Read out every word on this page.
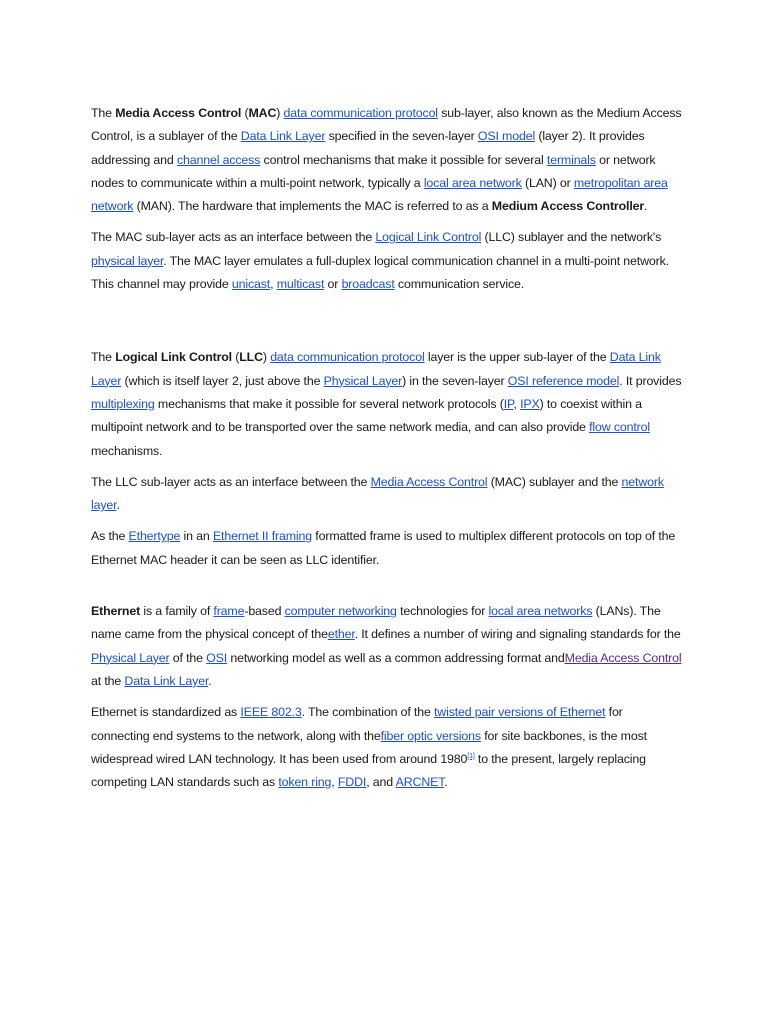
The Media Access Control (MAC) data communication protocol sub-layer, also known as the Medium Access Control, is a sublayer of the Data Link Layer specified in the seven-layer OSI model (layer 2). It provides addressing and channel access control mechanisms that make it possible for several terminals or network nodes to communicate within a multi-point network, typically a local area network (LAN) or metropolitan area network (MAN). The hardware that implements the MAC is referred to as a Medium Access Controller.

The MAC sub-layer acts as an interface between the Logical Link Control (LLC) sublayer and the network's physical layer. The MAC layer emulates a full-duplex logical communication channel in a multi-point network. This channel may provide unicast, multicast or broadcast communication service.

The Logical Link Control (LLC) data communication protocol layer is the upper sub-layer of the Data Link Layer (which is itself layer 2, just above the Physical Layer) in the seven-layer OSI reference model. It provides multiplexing mechanisms that make it possible for several network protocols (IP, IPX) to coexist within a multipoint network and to be transported over the same network media, and can also provide flow control mechanisms.

The LLC sub-layer acts as an interface between the Media Access Control (MAC) sublayer and the network layer.

As the Ethertype in an Ethernet II framing formatted frame is used to multiplex different protocols on top of the Ethernet MAC header it can be seen as LLC identifier.

Ethernet is a family of frame-based computer networking technologies for local area networks (LANs). The name came from the physical concept of theether. It defines a number of wiring and signaling standards for the Physical Layer of the OSI networking model as well as a common addressing format andMedia Access Control at the Data Link Layer.

Ethernet is standardized as IEEE 802.3. The combination of the twisted pair versions of Ethernet for connecting end systems to the network, along with thefiber optic versions for site backbones, is the most widespread wired LAN technology. It has been used from around 1980[1] to the present, largely replacing competing LAN standards such as token ring, FDDI, and ARCNET.
